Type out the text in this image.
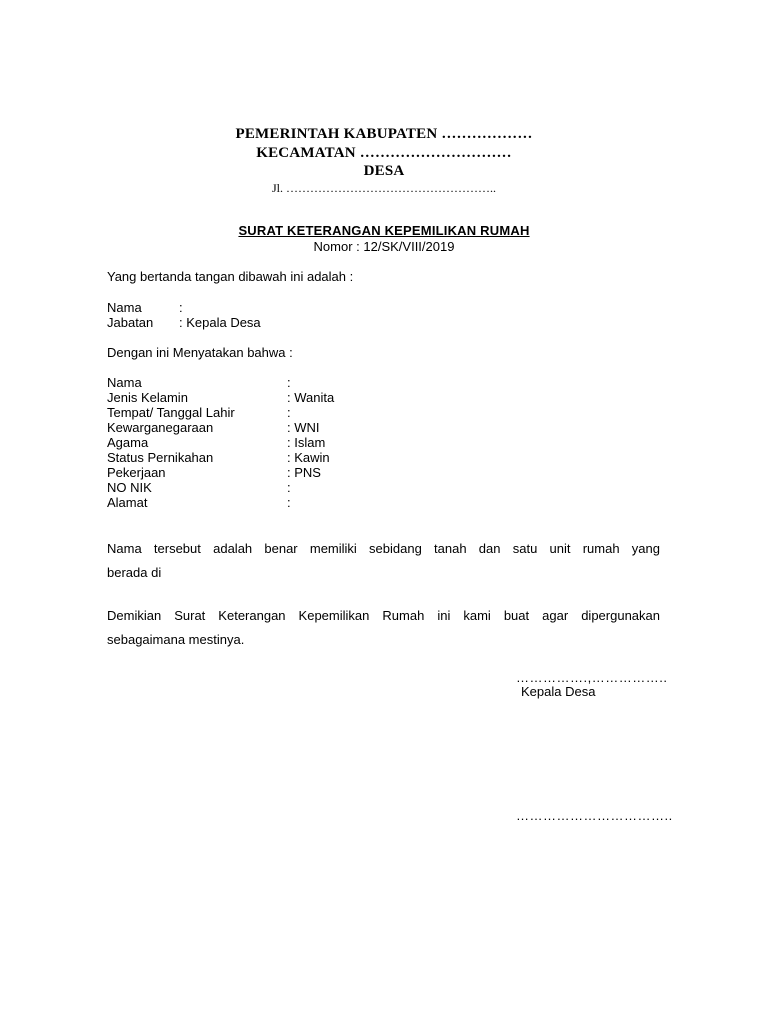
PEMERINTAH KABUPATEN ………………
KECAMATAN …………………………
DESA
Jl. ……………………………………………..
SURAT KETERANGAN KEPEMILIKAN RUMAH
Nomor : 12/SK/VIII/2019
Yang bertanda tangan dibawah ini adalah :
Nama	:
Jabatan : Kepala Desa
Dengan ini Menyatakan bahwa :
Nama	:
Jenis Kelamin	: Wanita
Tempat/ Tanggal Lahir	:
Kewarganegaraan	: WNI
Agama	: Islam
Status Pernikahan	: Kawin
Pekerjaan	: PNS
NO NIK	:
Alamat	:
Nama tersebut adalah benar memiliki sebidang tanah dan satu unit rumah yang
berada di
Demikian Surat Keterangan Kepemilikan Rumah ini kami buat agar dipergunakan
sebagaimana mestinya.
…………….,……………..
Kepala Desa
……………………………..
